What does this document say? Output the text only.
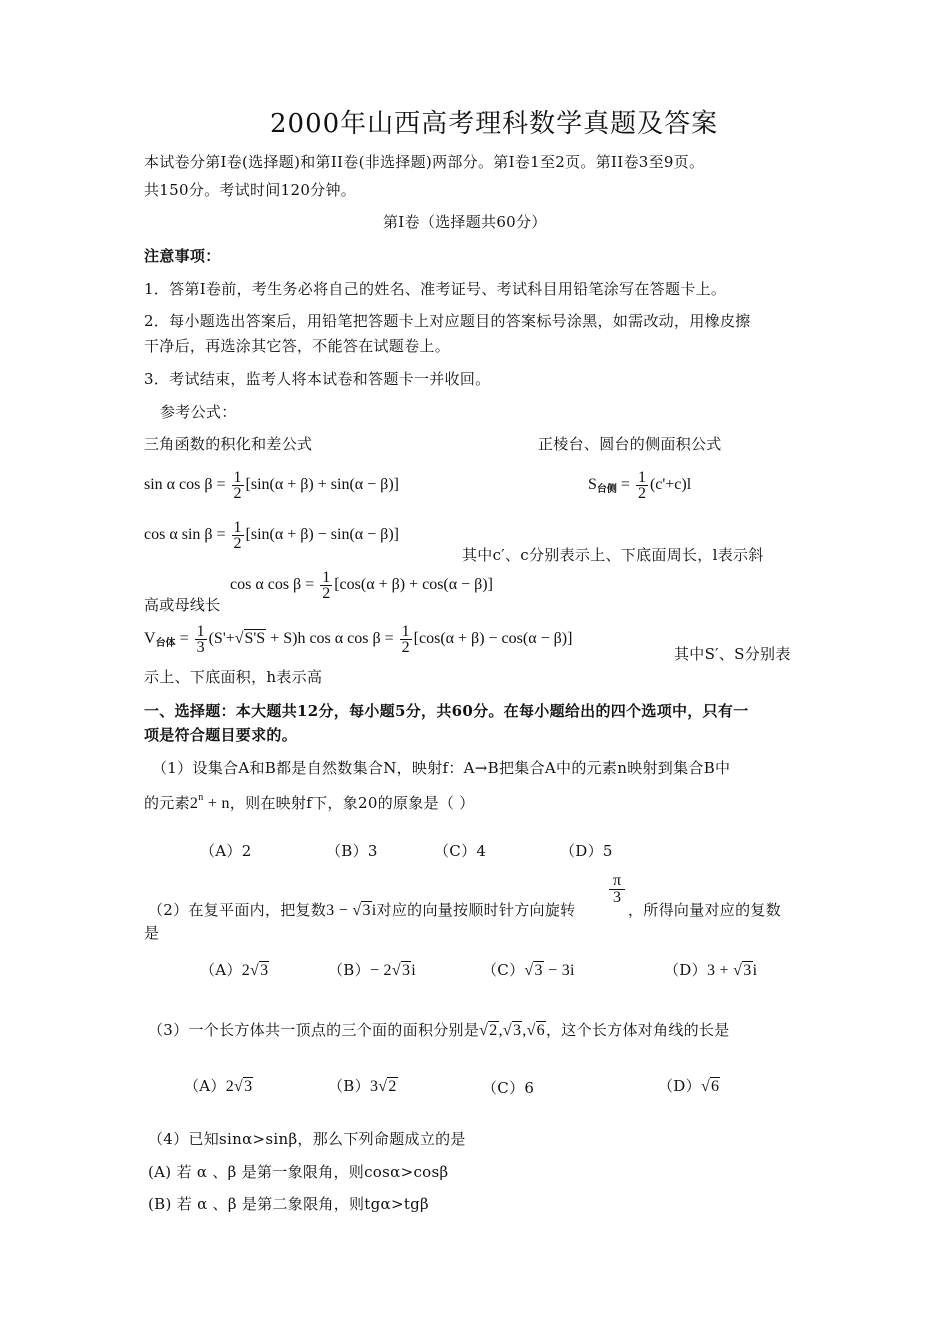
2000年山西高考理科数学真题及答案
本试卷分第I卷(选择题)和第II卷(非选择题)两部分。第I卷1至2页。第II卷3至9页。
共150分。考试时间120分钟。
第I卷（选择题共60分）
注意事项：
1．答第I卷前，考生务必将自己的姓名、准考证号、考试科目用铅笔涂写在答题卡上。
2．每小题选出答案后，用铅笔把答题卡上对应题目的答案标号涂黑，如需改动，用橡皮擦
干净后，再选涂其它答，不能答在试题卷上。
3．考试结束，监考人将本试卷和答题卡一并收回。
参考公式：
三角函数的积化和差公式	正棱台、圆台的侧面积公式
sin α $\cos \beta = \frac{1}{2} [\sin(\alpha + \beta) + \sin(\alpha - \beta)]$	$S_{台侧} = \frac{1}{2} (c'+c)l$
cos α $\sin \beta = \frac{1}{2} [\sin(\alpha + \beta) - \sin(\alpha - \beta)]$
其中c′、c分别表示上、下底面周长，l表示斜
cos α $\cos \beta = \frac{1}{2} [\cos(\alpha + \beta) + \cos(\alpha - \beta)]$
高或母线长
$V_{台体} = \frac{1}{3} (S'+√S'S + S)h$ cos α $\cos \beta = \frac{1}{2} [\cos(\alpha + \beta) - \cos(\alpha - \beta)]$
其中S′、S分别表
示上、下底面积，h表示高
一、选择题：本大题共12分，每小题5分，共60分。在每小题给出的四个选项中，只有一
项是符合题目要求的。
（1）设集合A和B都是自然数集合N，映射f：A→B把集合A中的元素n映射到集合B中
的元素$2^n + n$，则在映射f下，象20的原象是（ ）
（A）2	（B）3	（C）4	（D）5
（2）在复平面内，把复数3 − √3i对应的向量按顺时针方向旋转
π
3
，所得向量对应的复数
是
（A）2√3	（B）− 2√3i	（C）√3 − 3i	（D）3 + √3i
（3）一个长方体共一顶点的三个面的面积分别是√2,√3,√6，这个长方体对角线的长是
（A）2√3	（B）3√2	（C）6	（D）√6
（4）已知sinα>sinβ，那么下列命题成立的是
(A) 若 α 、β 是第一象限角，则cosα>cosβ
(B) 若 α 、β 是第二象限角，则tgα>tgβ
